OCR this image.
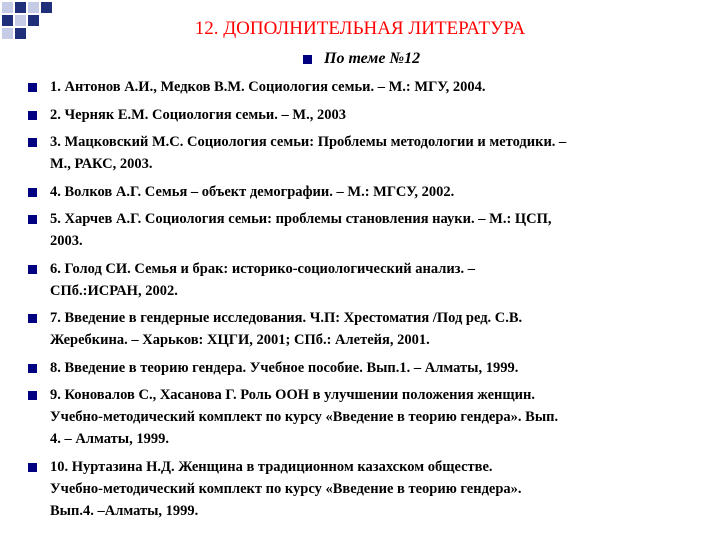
12. ДОПОЛНИТЕЛЬНАЯ ЛИТЕРАТУРА
По теме №12
1. Антонов А.И., Медков В.М. Социология семьи. – М.: МГУ, 2004.
2. Черняк Е.М. Социология семьи. – М., 2003
3. Мацковский М.С. Социология семьи: Проблемы методологии и методики. –
М., РАКС, 2003.
4. Волков А.Г. Семья – объект демографии. – М.: МГСУ, 2002.
5. Харчев А.Г. Социология семьи: проблемы становления науки. – М.: ЦСП,
2003.
6. Голод СИ. Семья и брак: историко-социологический анализ. –
СПб.:ИСРАН, 2002.
7. Введение в гендерные исследования. Ч.П: Хрестоматия /Под ред. С.В.
Жеребкина. – Харьков: ХЦГИ, 2001; СПб.: Алетейя, 2001.
8. Введение в теорию гендера. Учебное пособие. Вып.1. – Алматы, 1999.
9. Коновалов С., Хасанова Г. Роль ООН в улучшении положения женщин.
Учебно-методический комплект по курсу «Введение в теорию гендера». Вып.
4. – Алматы, 1999.
10. Нуртазина Н.Д. Женщина в традиционном казахском обществе.
Учебно-методический комплект по курсу «Введение в теорию гендера».
Вып.4. –Алматы, 1999.
